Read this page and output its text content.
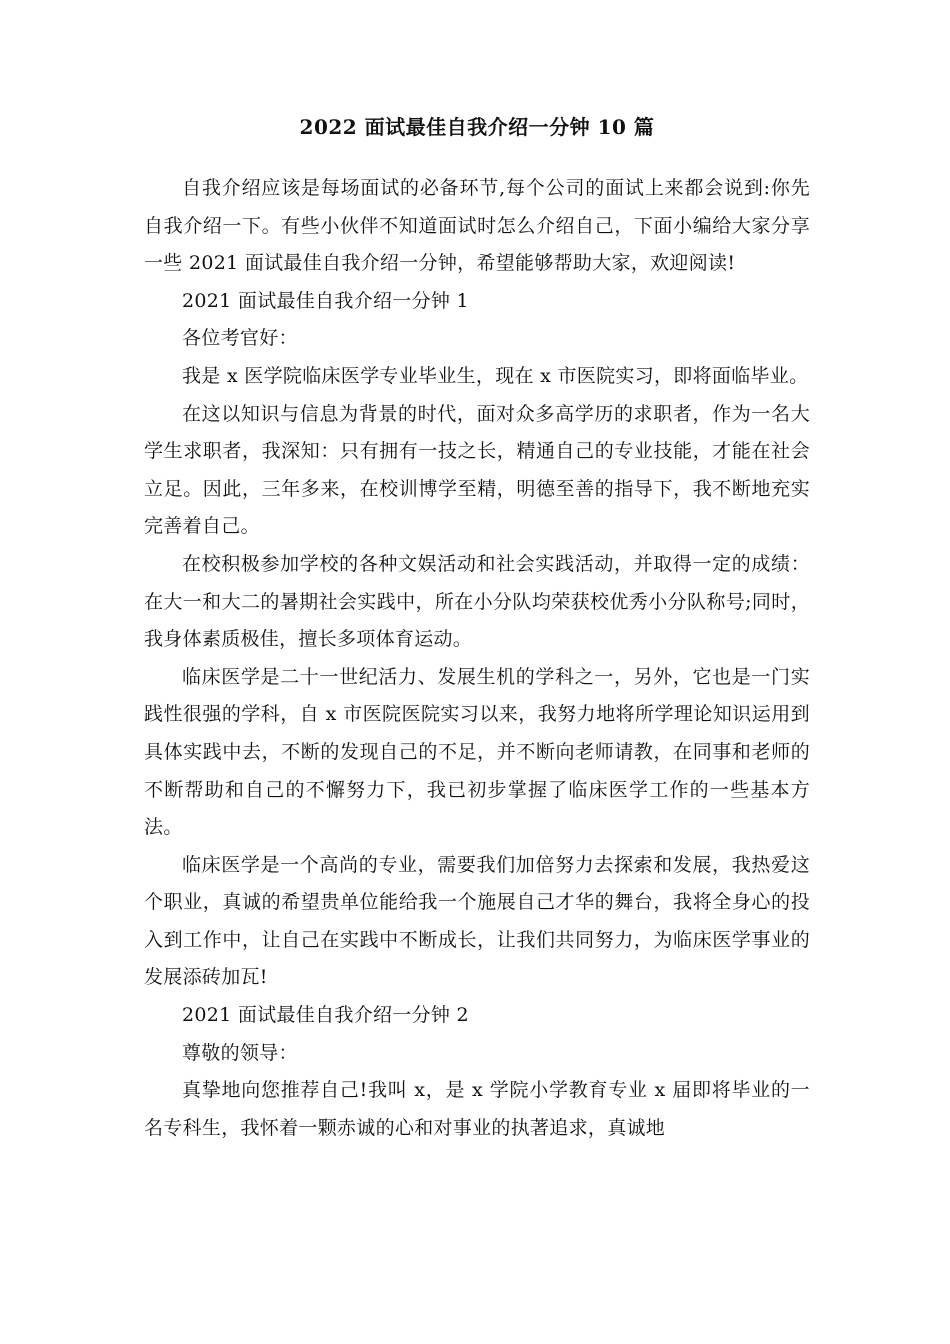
2022 面试最佳自我介绍一分钟 10 篇

自我介绍应该是每场面试的必备环节,每个公司的面试上来都会说到:你先自我介绍一下。有些小伙伴不知道面试时怎么介绍自己，下面小编给大家分享一些 2021 面试最佳自我介绍一分钟，希望能够帮助大家，欢迎阅读!

2021 面试最佳自我介绍一分钟 1

各位考官好：

我是 x 医学院临床医学专业毕业生，现在 x 市医院实习，即将面临毕业。

在这以知识与信息为背景的时代，面对众多高学历的求职者，作为一名大学生求职者，我深知：只有拥有一技之长，精通自己的专业技能，才能在社会立足。因此，三年多来，在校训博学至精，明德至善的指导下，我不断地充实完善着自己。

在校积极参加学校的各种文娱活动和社会实践活动，并取得一定的成绩：在大一和大二的暑期社会实践中，所在小分队均荣获校优秀小分队称号;同时，我身体素质极佳，擅长多项体育运动。

临床医学是二十一世纪活力、发展生机的学科之一，另外，它也是一门实践性很强的学科，自 x 市医院医院实习以来，我努力地将所学理论知识运用到具体实践中去，不断的发现自己的不足，并不断向老师请教，在同事和老师的不断帮助和自己的不懈努力下，我已初步掌握了临床医学工作的一些基本方法。

临床医学是一个高尚的专业，需要我们加倍努力去探索和发展，我热爱这个职业，真诚的希望贵单位能给我一个施展自己才华的舞台，我将全身心的投入到工作中，让自己在实践中不断成长，让我们共同努力，为临床医学事业的发展添砖加瓦!

2021 面试最佳自我介绍一分钟 2

尊敬的领导：

真挚地向您推荐自己!我叫 x，是 x 学院小学教育专业 x 届即将毕业的一名专科生，我怀着一颗赤诚的心和对事业的执著追求，真诚地
